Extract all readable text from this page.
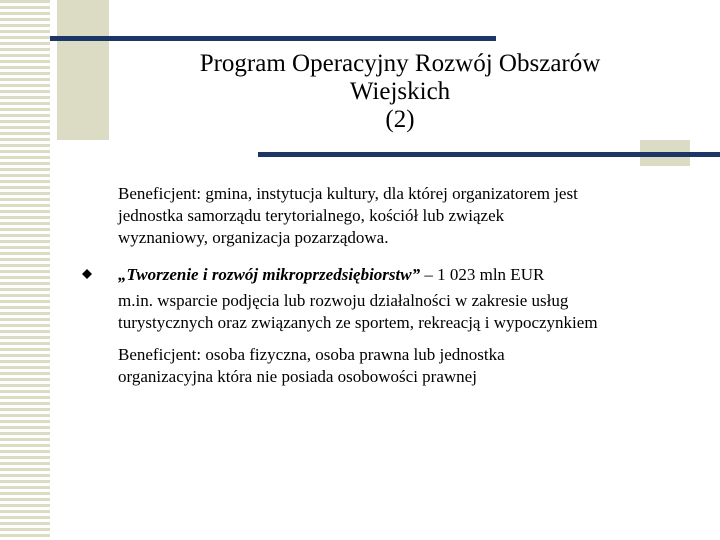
Program Operacyjny Rozwój Obszarów
Wiejskich
(2)
Beneficjent: gmina, instytucja kultury, dla której organizatorem jest
jednostka samorządu terytorialnego, kościół lub związek
wyznaniowy, organizacja pozarządowa.
„Tworzenie i rozwój mikroprzedsiębiorstw” – 1 023 mln EUR
m.in. wsparcie podjęcia lub rozwoju działalności w zakresie usług
turystycznych oraz związanych ze sportem, rekreacją i wypoczynkiem
Beneficjent: osoba fizyczna, osoba prawna lub jednostka
organizacyjna która nie posiada osobowości prawnej
